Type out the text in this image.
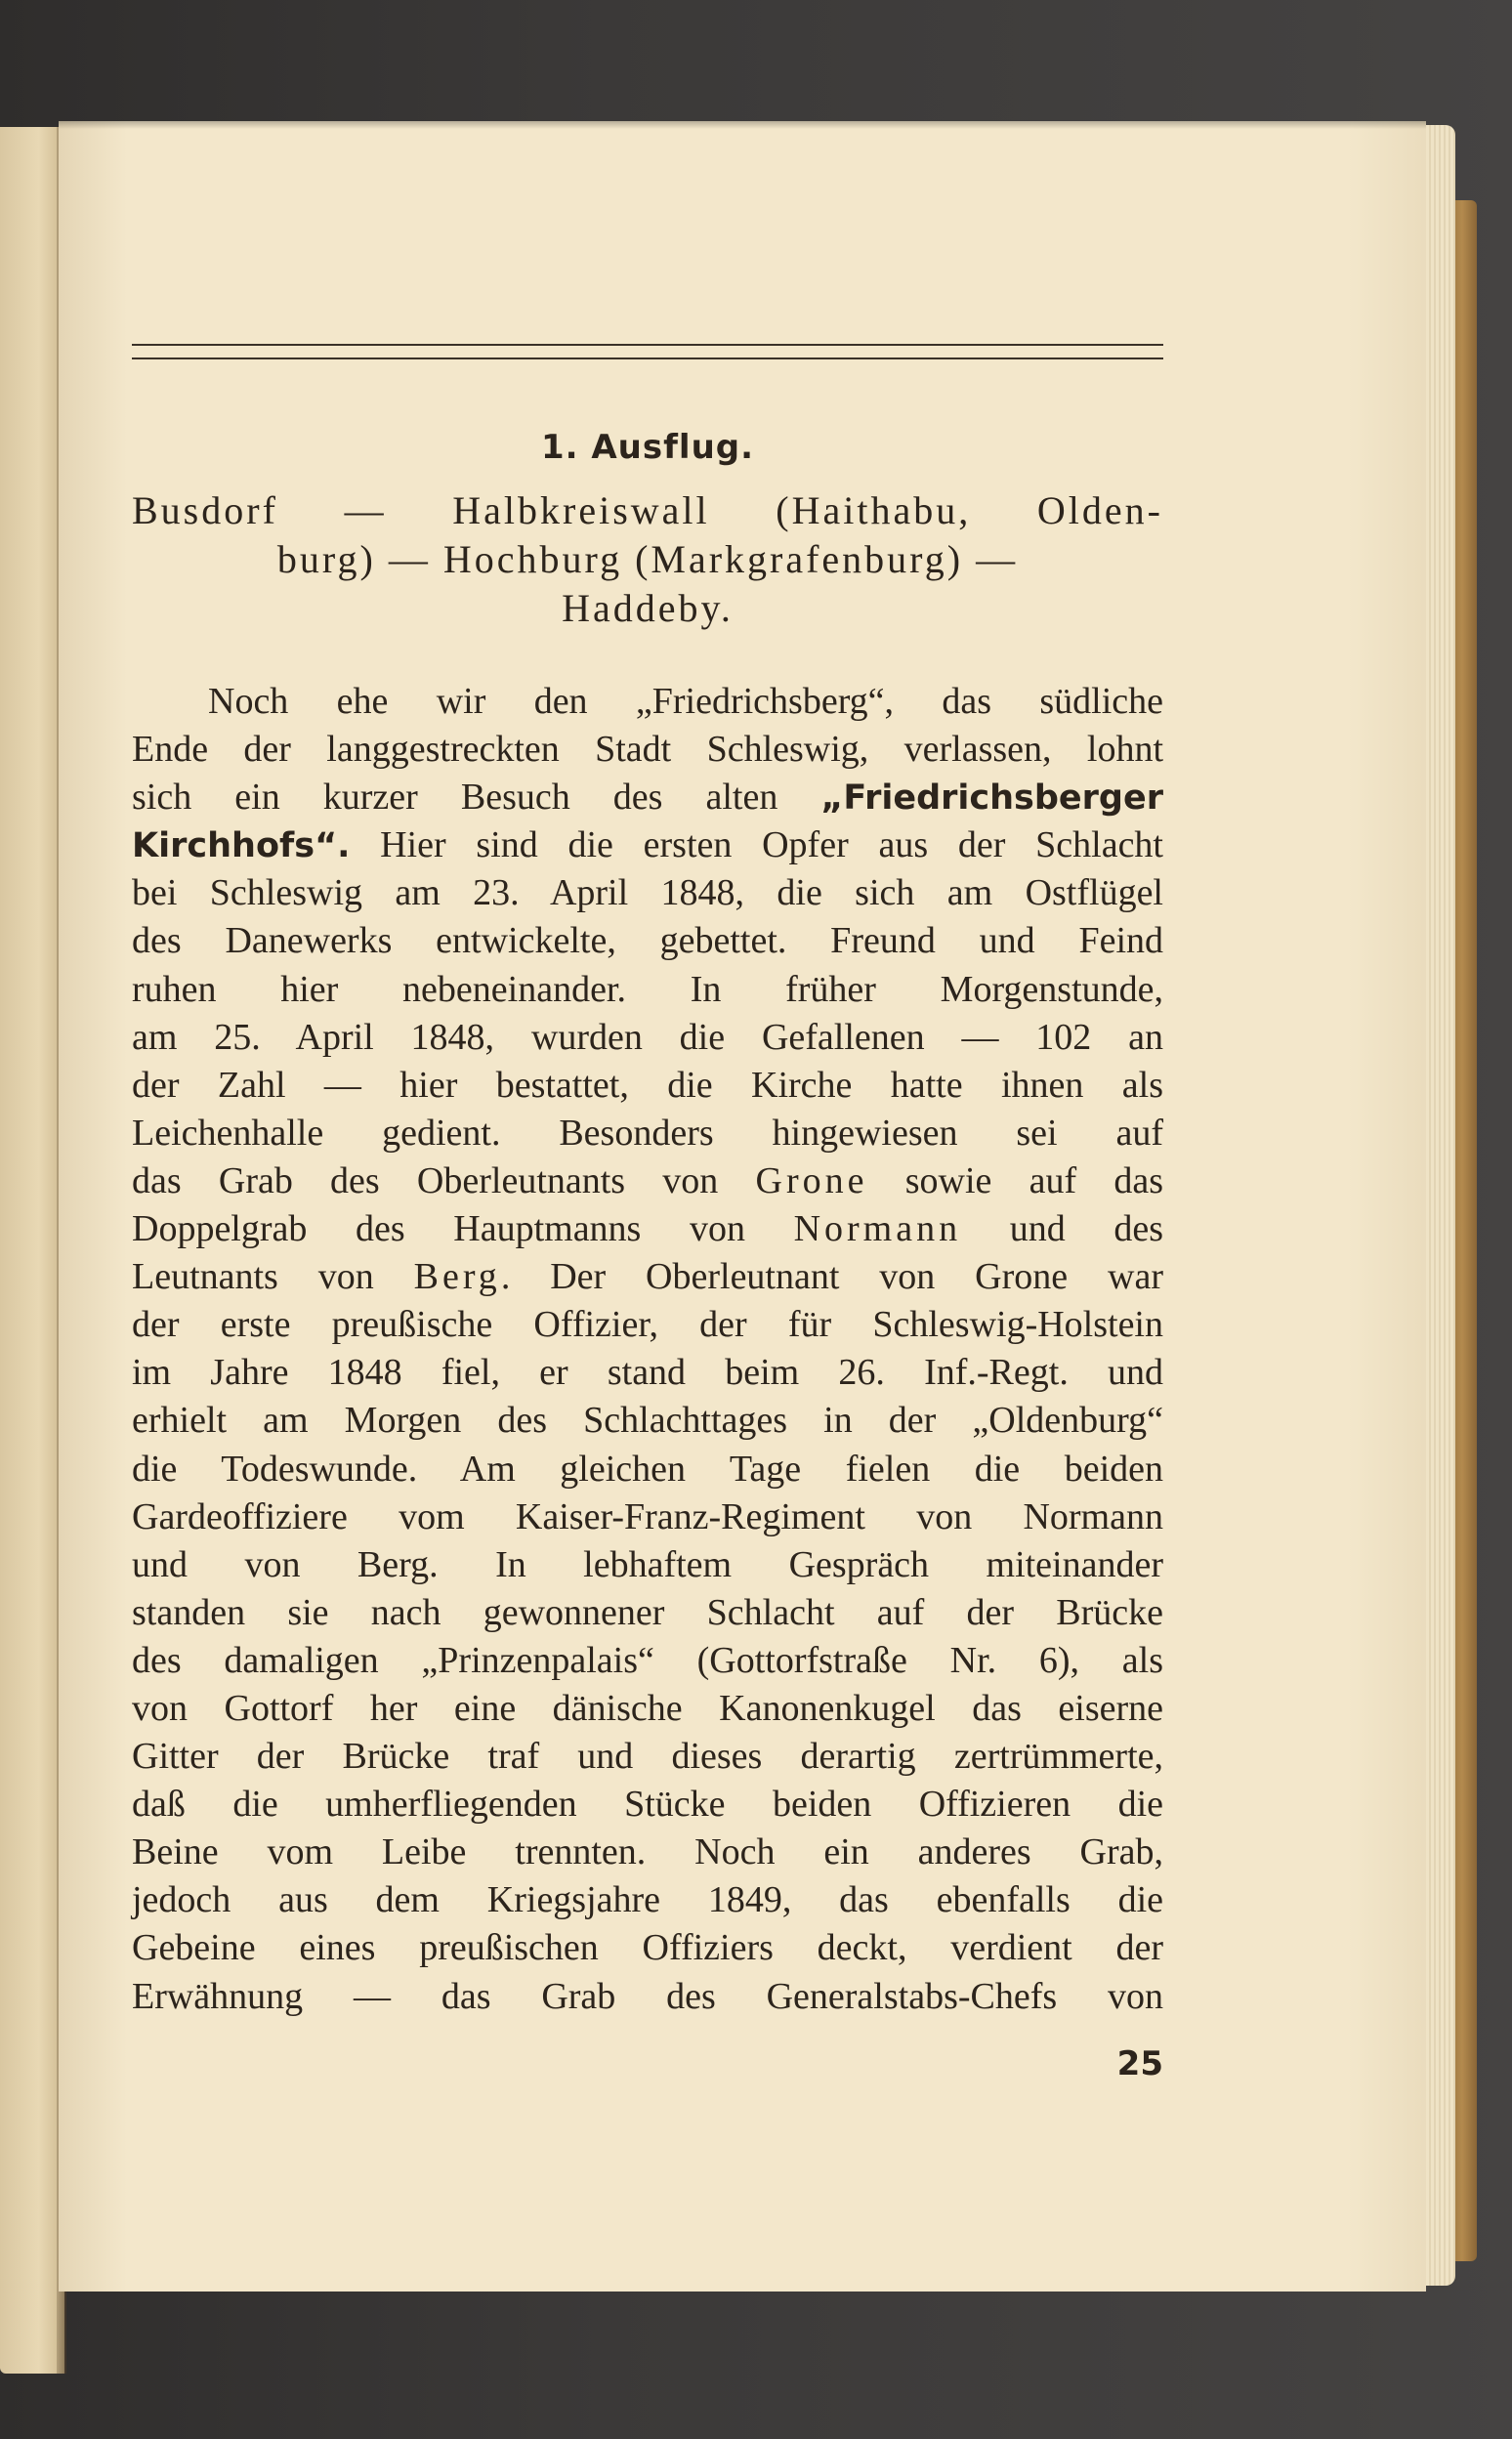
1. Ausflug.
Busdorf — Halbkreiswall (Haithabu, Olden-
burg) — Hochburg (Markgrafenburg) —
Haddeby.
Noch ehe wir den „Friedrichsberg“, das südliche
Ende der langgestreckten Stadt Schleswig, verlassen, lohnt
sich ein kurzer Besuch des alten „Friedrichsberger
Kirchhofs“. Hier sind die ersten Opfer aus der Schlacht
bei Schleswig am 23. April 1848, die sich am Ostflügel
des Danewerks entwickelte, gebettet. Freund und Feind
ruhen hier nebeneinander. In früher Morgenstunde,
am 25. April 1848, wurden die Gefallenen — 102 an
der Zahl — hier bestattet, die Kirche hatte ihnen als
Leichenhalle gedient. Besonders hingewiesen sei auf
das Grab des Oberleutnants von Grone sowie auf das
Doppelgrab des Hauptmanns von Normann und des
Leutnants von Berg. Der Oberleutnant von Grone war
der erste preußische Offizier, der für Schleswig-Holstein
im Jahre 1848 fiel, er stand beim 26. Inf.-Regt. und
erhielt am Morgen des Schlachttages in der „Oldenburg“
die Todeswunde. Am gleichen Tage fielen die beiden
Gardeoffiziere vom Kaiser-Franz-Regiment von Normann
und von Berg. In lebhaftem Gespräch miteinander
standen sie nach gewonnener Schlacht auf der Brücke
des damaligen „Prinzenpalais“ (Gottorfstraße Nr. 6), als
von Gottorf her eine dänische Kanonenkugel das eiserne
Gitter der Brücke traf und dieses derartig zertrümmerte,
daß die umherfliegenden Stücke beiden Offizieren die
Beine vom Leibe trennten. Noch ein anderes Grab,
jedoch aus dem Kriegsjahre 1849, das ebenfalls die
Gebeine eines preußischen Offiziers deckt, verdient der
Erwähnung — das Grab des Generalstabs-Chefs von
25
